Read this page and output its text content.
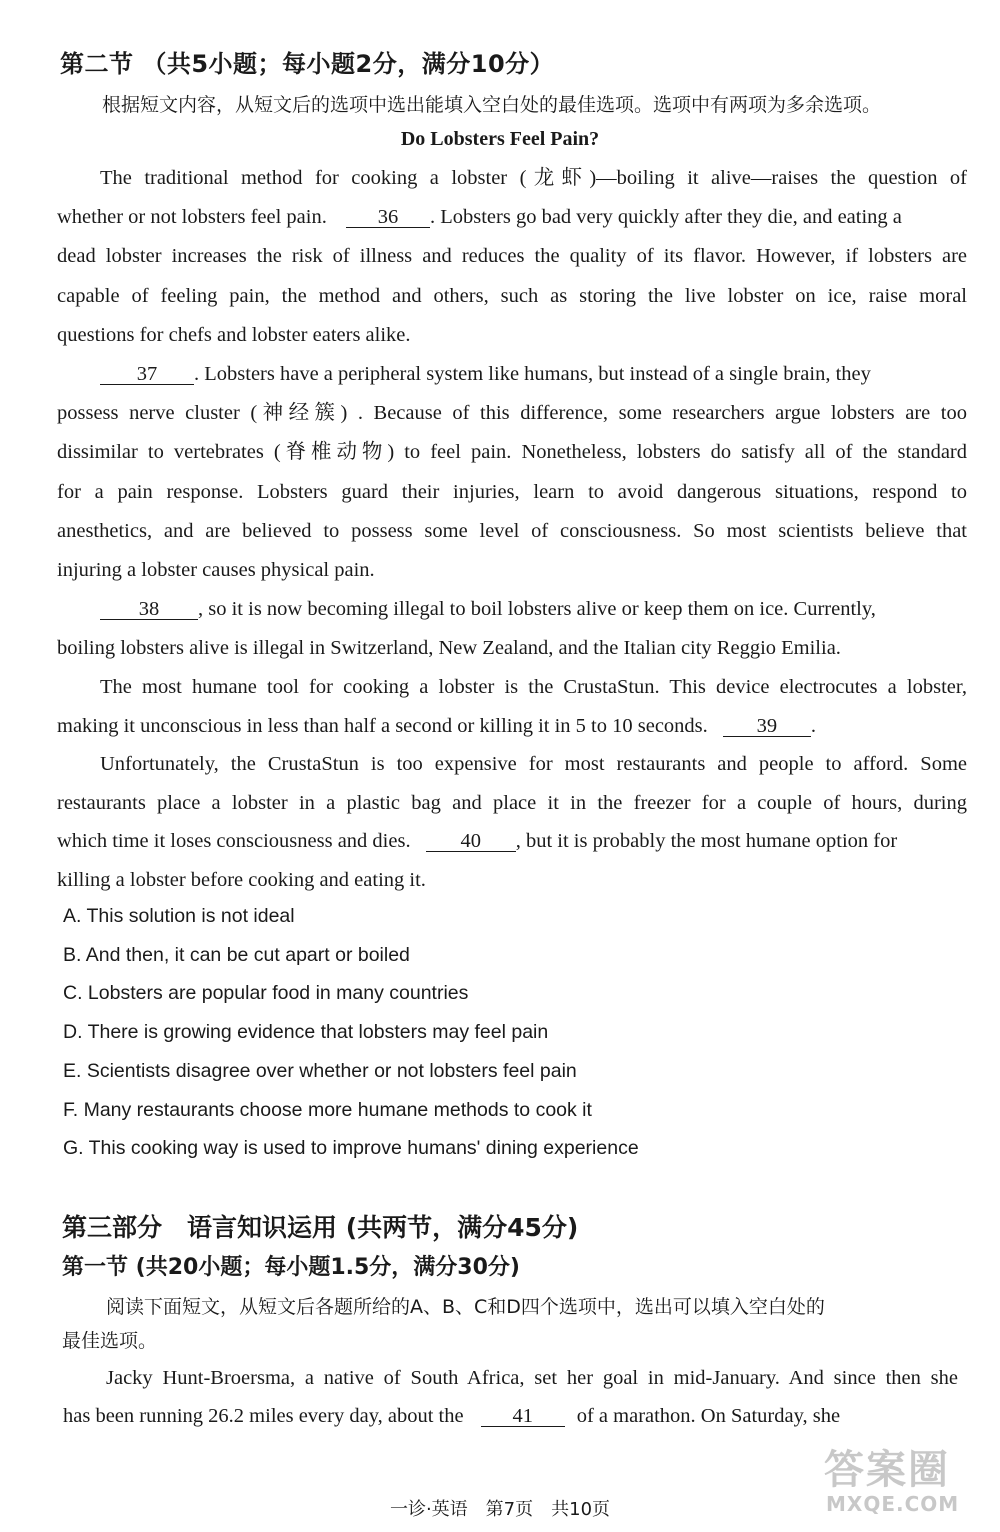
第二节 （共5小题；每小题2分，满分10分）
根据短文内容，从短文后的选项中选出能填入空白处的最佳选项。选项中有两项为多余选项。
Do Lobsters Feel Pain?
The traditional method for cooking a lobster (龙虾)—boiling it alive—raises the question of
whether or not lobsters feel pain. 36 . Lobsters go bad very quickly after they die, and eating a
dead lobster increases the risk of illness and reduces the quality of its flavor. However, if lobsters are
capable of feeling pain, the method and others, such as storing the live lobster on ice, raise moral
questions for chefs and lobster eaters alike.
37 . Lobsters have a peripheral system like humans, but instead of a single brain, they
possess nerve cluster (神经簇) . Because of this difference, some researchers argue lobsters are too
dissimilar to vertebrates (脊椎动物) to feel pain. Nonetheless, lobsters do satisfy all of the standard
for a pain response. Lobsters guard their injuries, learn to avoid dangerous situations, respond to
anesthetics, and are believed to possess some level of consciousness. So most scientists believe that
injuring a lobster causes physical pain.
38 , so it is now becoming illegal to boil lobsters alive or keep them on ice. Currently,
boiling lobsters alive is illegal in Switzerland, New Zealand, and the Italian city Reggio Emilia.
The most humane tool for cooking a lobster is the CrustaStun. This device electrocutes a lobster,
making it unconscious in less than half a second or killing it in 5 to 10 seconds. 39 .
Unfortunately, the CrustaStun is too expensive for most restaurants and people to afford. Some
restaurants place a lobster in a plastic bag and place it in the freezer for a couple of hours, during
which time it loses consciousness and dies. 40 , but it is probably the most humane option for
killing a lobster before cooking and eating it.
A. This solution is not ideal
B. And then, it can be cut apart or boiled
C. Lobsters are popular food in many countries
D. There is growing evidence that lobsters may feel pain
E. Scientists disagree over whether or not lobsters feel pain
F. Many restaurants choose more humane methods to cook it
G. This cooking way is used to improve humans' dining experience
第三部分　语言知识运用 (共两节，满分45分)
第一节 (共20小题；每小题1.5分，满分30分)
阅读下面短文，从短文后各题所给的A、B、C和D四个选项中，选出可以填入空白处的
最佳选项。
Jacky Hunt-Broersma, a native of South Africa, set her goal in mid-January. And since then she
has been running 26.2 miles every day, about the 41 of a marathon. On Saturday, she
答案圈
MXQE.COM
一诊·英语　第7页　共10页
